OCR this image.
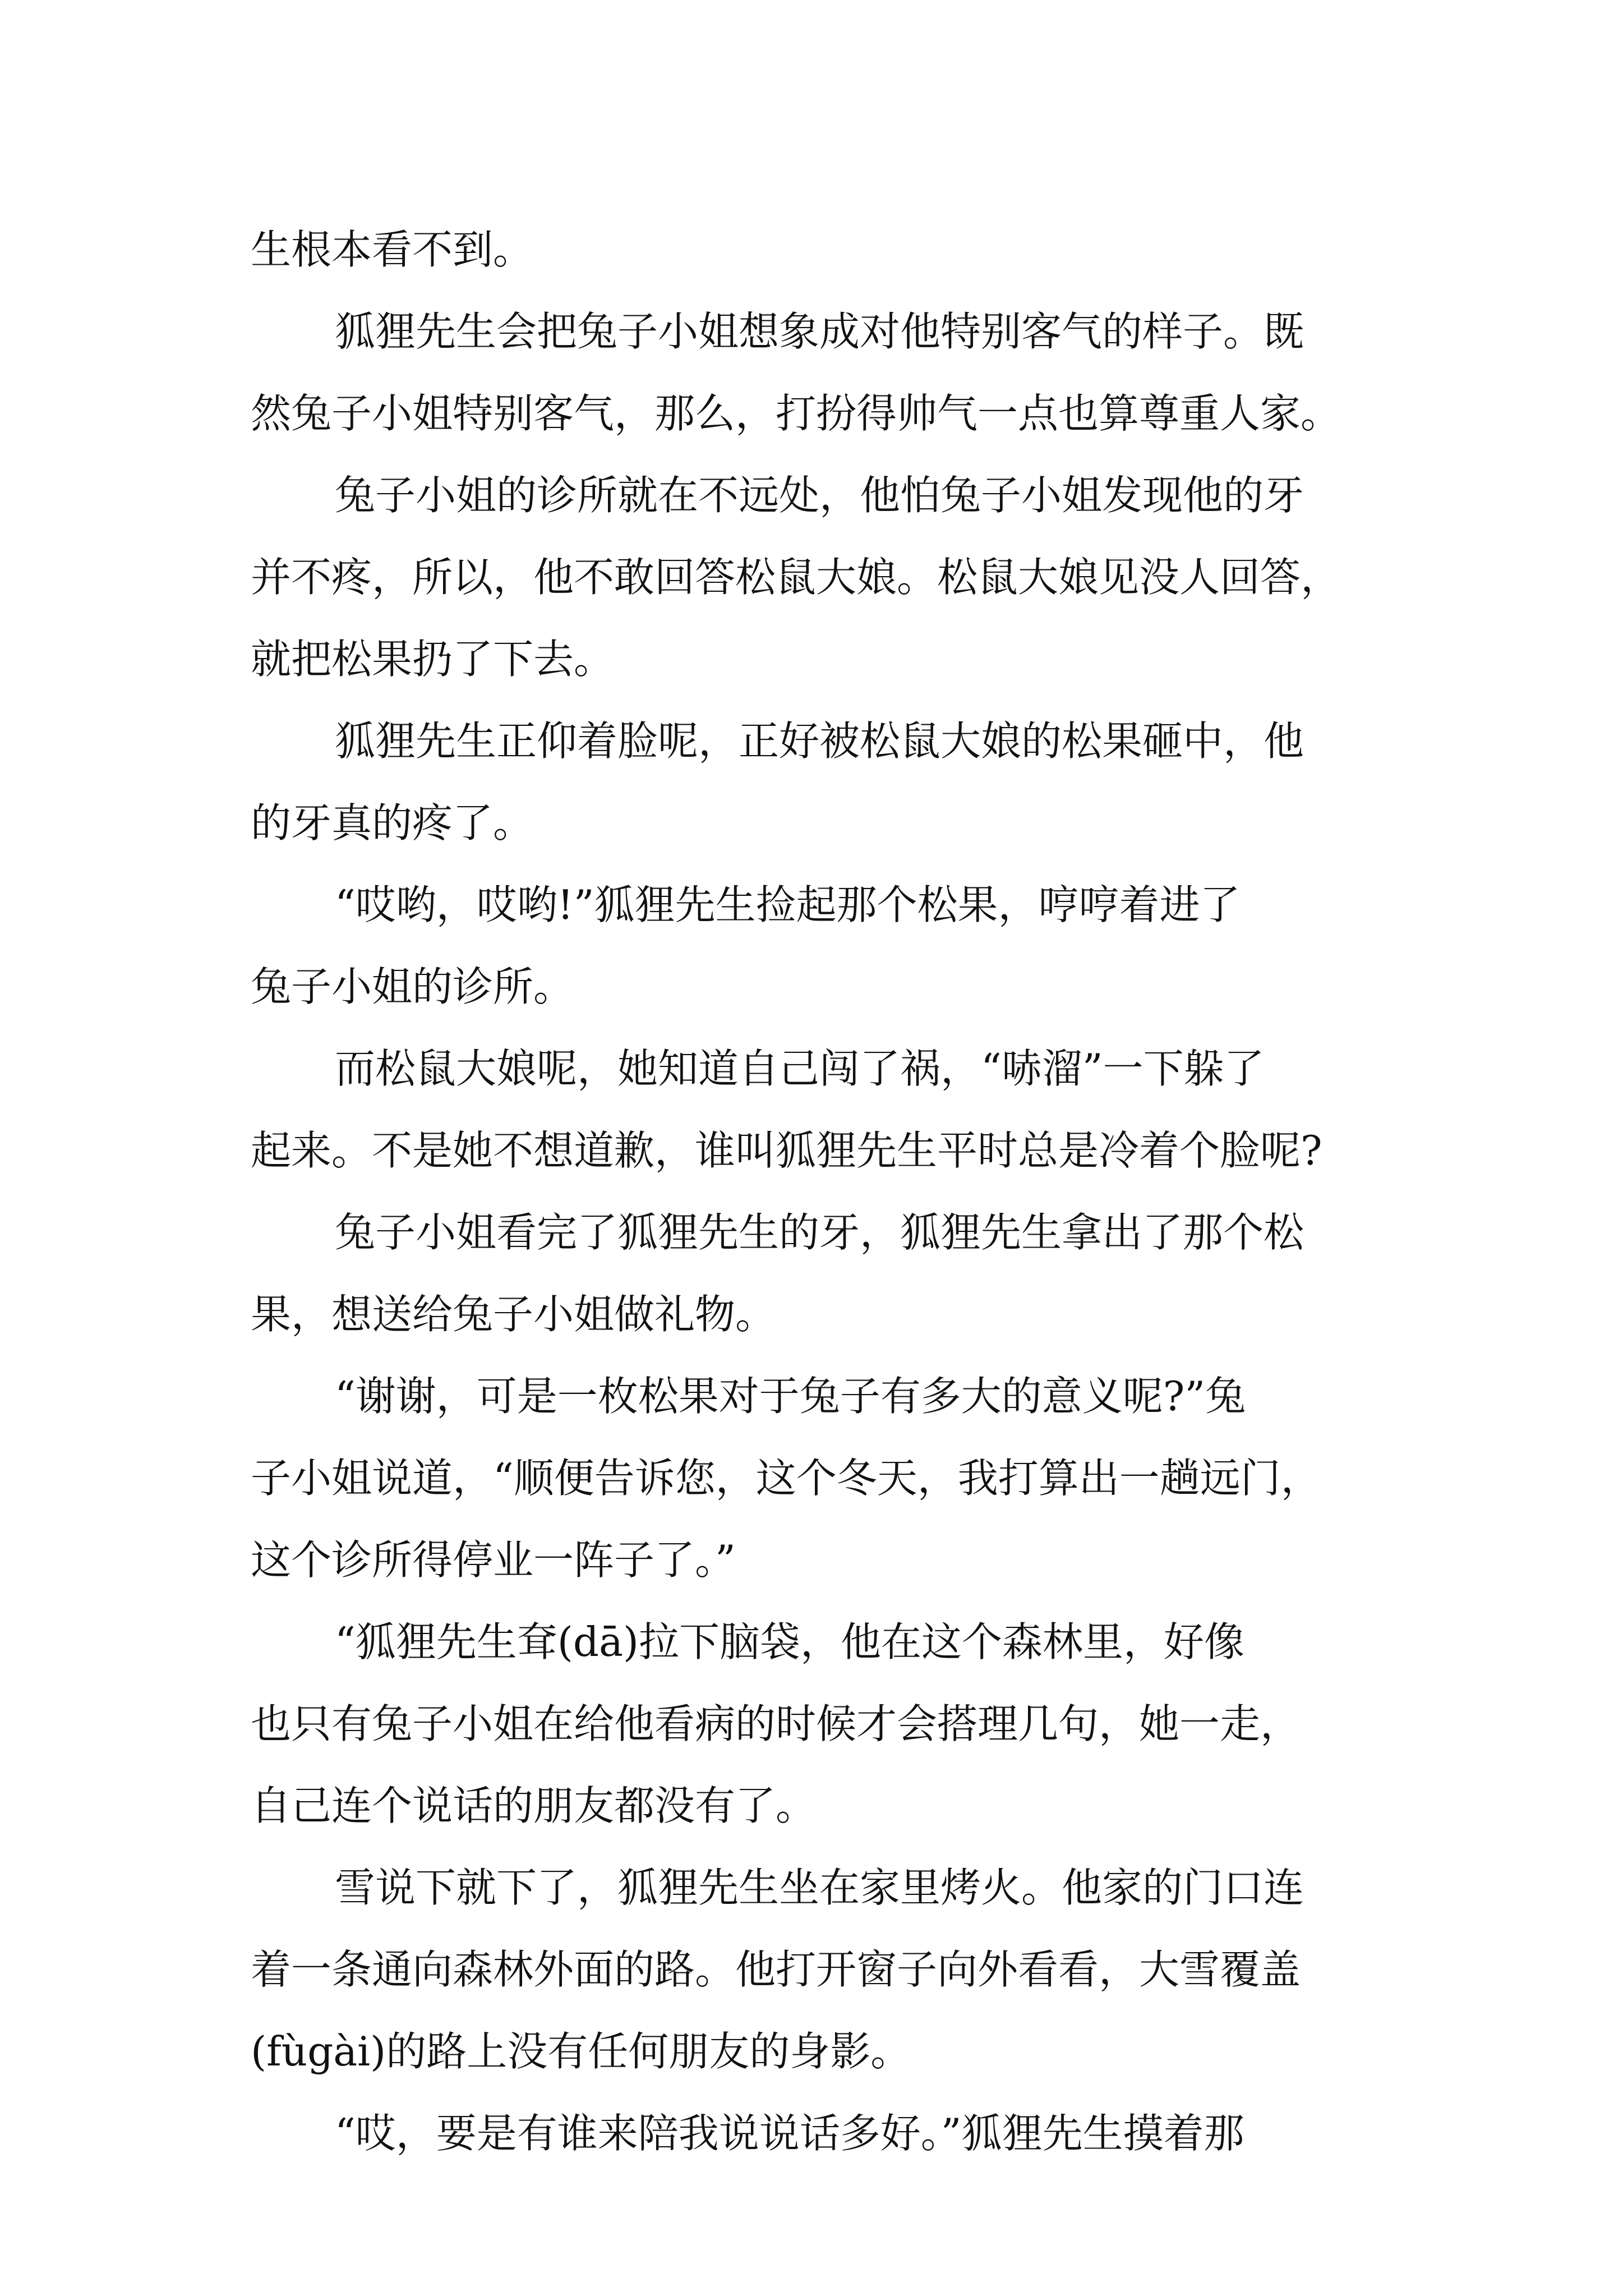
生根本看不到。
狐狸先生会把兔子小姐想象成对他特别客气的样子。既
然兔子小姐特别客气，那么，打扮得帅气一点也算尊重人家。
兔子小姐的诊所就在不远处，他怕兔子小姐发现他的牙
并不疼，所以，他不敢回答松鼠大娘。松鼠大娘见没人回答，
就把松果扔了下去。
狐狸先生正仰着脸呢，正好被松鼠大娘的松果砸中，他
的牙真的疼了。
“哎哟，哎哟!”狐狸先生捡起那个松果，哼哼着进了
兔子小姐的诊所。
而松鼠大娘呢，她知道自己闯了祸，“哧溜”一下躲了
起来。不是她不想道歉，谁叫狐狸先生平时总是冷着个脸呢?
兔子小姐看完了狐狸先生的牙，狐狸先生拿出了那个松
果，想送给兔子小姐做礼物。
“谢谢，可是一枚松果对于兔子有多大的意义呢?”兔
子小姐说道，“顺便告诉您，这个冬天，我打算出一趟远门，
这个诊所得停业一阵子了。”
“狐狸先生耷(dā)拉下脑袋，他在这个森林里，好像
也只有兔子小姐在给他看病的时候才会搭理几句，她一走，
自己连个说话的朋友都没有了。
雪说下就下了，狐狸先生坐在家里烤火。他家的门口连
着一条通向森林外面的路。他打开窗子向外看看，大雪覆盖
(fùgài)的路上没有任何朋友的身影。
“哎，要是有谁来陪我说说话多好。”狐狸先生摸着那
